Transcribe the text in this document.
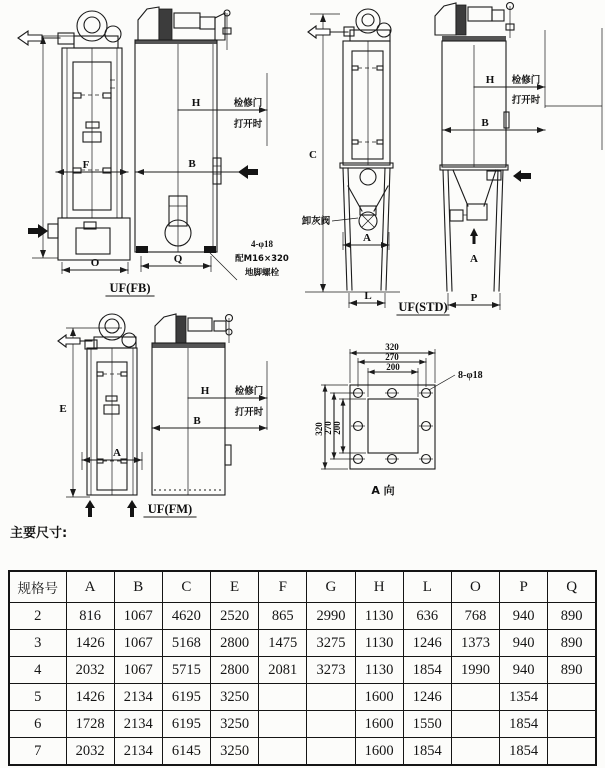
F
O
H	检修门
打开时
B
Q
4-φ18
配M16×320
地脚螺栓
UF(FB)
C
卸灰阀
A
L
H 检修门
打开时
B
A
P
UF(STD)
E
A
H	检修门
打开时
B
UF(FM)
320
270
200
320 270 200
8-φ18
A 向
主要尺寸:
规格号	A	B	C	E	F	G	H	L	O	P	Q
2	816	1067	4620	2520	865	2990	1130	636	768	940	890
3	1426	1067	5168	2800	1475	3275	1130	1246	1373	940	890
4	2032	1067	5715	2800	2081	3273	1130	1854	1990	940	890
5	1426	2134	6195	3250			1600	1246		1354	
6	1728	2134	6195	3250			1600	1550		1854	
7	2032	2134	6145	3250			1600	1854		1854	
